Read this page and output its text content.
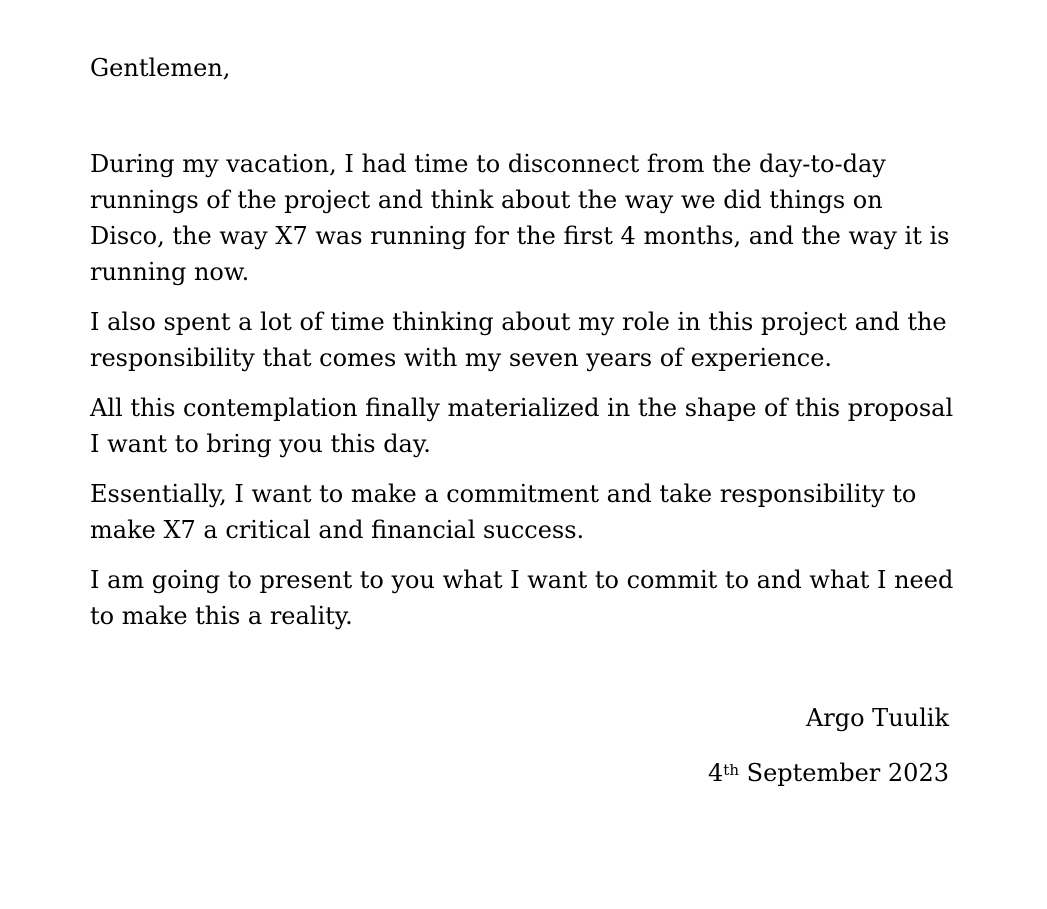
Gentlemen,

During my vacation, I had time to disconnect from the day-to-day runnings of the project and think about the way we did things on Disco, the way X7 was running for the first 4 months, and the way it is running now.

I also spent a lot of time thinking about my role in this project and the responsibility that comes with my seven years of experience.

All this contemplation finally materialized in the shape of this proposal I want to bring you this day.

Essentially, I want to make a commitment and take responsibility to make X7 a critical and financial success.

I am going to present to you what I want to commit to and what I need to make this a reality.

Argo Tuulik

4th September 2023
